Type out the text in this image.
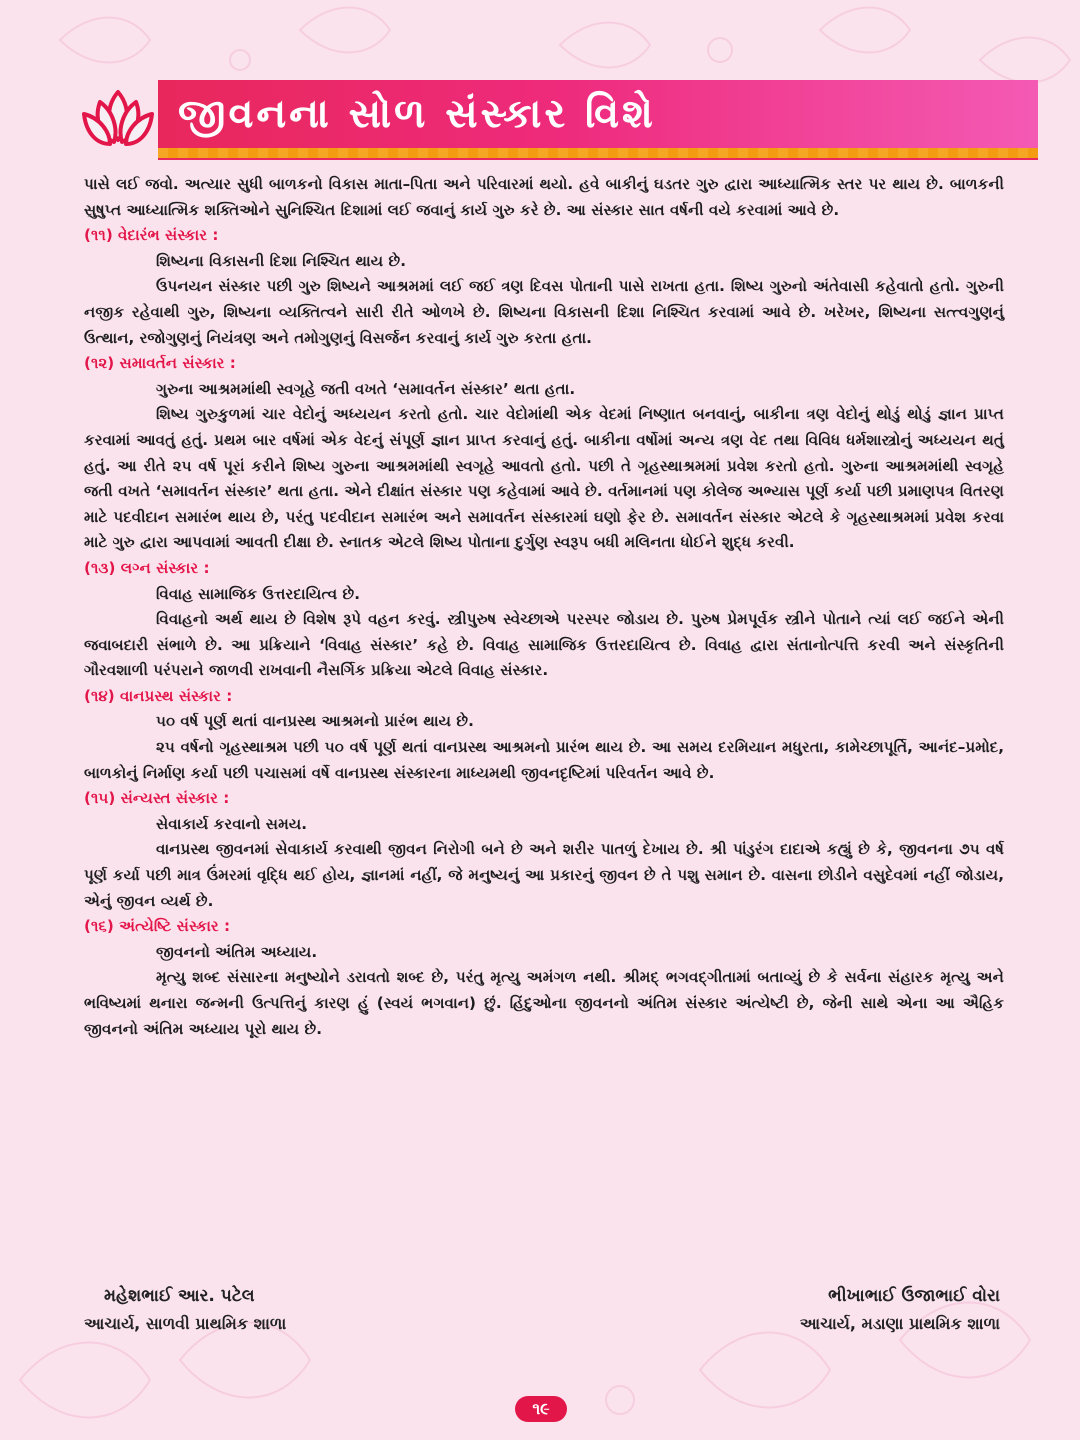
જીવનના સોળ સંસ્કાર વિશે

પાસે લઈ જવો. અત્યાર સુધી બાળકનો વિકાસ માતા–પિતા અને પરિવારમાં થયો. હવે બાકીનું ઘડતર ગુરુ દ્વારા આધ્યાત્મિક સ્તર પર થાય છે. બાળકની સુષુપ્ત આધ્યાત્મિક શક્તિઓને સુનિશ્ચિત દિશામાં લઈ જવાનું કાર્ય ગુરુ કરે છે. આ સંસ્કાર સાત વર્ષની વયે કરવામાં આવે છે.

(૧૧) વેદારંભ સંસ્કાર :

શિષ્યના વિકાસની દિશા નિશ્ચિત થાય છે.

ઉપનયન સંસ્કાર પછી ગુરુ શિષ્યને આશ્રમમાં લઈ જઈ ત્રણ દિવસ પોતાની પાસે રાખતા હતા. શિષ્ય ગુરુનો અંતેવાસી કહેવાતો હતો. ગુરુની નજીક રહેવાથી ગુરુ, શિષ્યના વ્યક્તિત્વને સારી રીતે ઓળખે છે. શિષ્યના વિકાસની દિશા નિશ્ચિત કરવામાં આવે છે. ખરેખર, શિષ્યના સત્ત્વગુણનું ઉત્થાન, રજોગુણનું નિયંત્રણ અને તમોગુણનું વિસર્જન કરવાનું કાર્ય ગુરુ કરતા હતા.

(૧૨) સમાવર્તન સંસ્કાર :

ગુરુના આશ્રમમાંથી સ્વગૃહે જતી વખતે ‘સમાવર્તન સંસ્કાર’ થતા હતા.

શિષ્ય ગુરુકુળમાં ચાર વેદોનું અધ્યયન કરતો હતો. ચાર વેદોમાંથી એક વેદમાં નિષ્ણાત બનવાનું, બાકીના ત્રણ વેદોનું થોડું થોડું જ્ઞાન પ્રાપ્ત કરવામાં આવતું હતું. પ્રથમ બાર વર્ષમાં એક વેદનું સંપૂર્ણ જ્ઞાન પ્રાપ્ત કરવાનું હતું. બાકીના વર્ષોમાં અન્ય ત્રણ વેદ તથા વિવિધ ધર્મશાસ્ત્રોનું અધ્યયન થતું હતું. આ રીતે ૨૫ વર્ષ પૂરાં કરીને શિષ્ય ગુરુના આશ્રમમાંથી સ્વગૃહે આવતો હતો. પછી તે ગૃહસ્થાશ્રમમાં પ્રવેશ કરતો હતો. ગુરુના આશ્રમમાંથી સ્વગૃહે જતી વખતે ‘સમાવર્તન સંસ્કાર’ થતા હતા. એને દીક્ષાંત સંસ્કાર પણ કહેવામાં આવે છે. વર્તમાનમાં પણ કોલેજ અભ્યાસ પૂર્ણ કર્યા પછી પ્રમાણપત્ર વિતરણ માટે પદવીદાન સમારંભ થાય છે, પરંતુ પદવીદાન સમારંભ અને સમાવર્તન સંસ્કારમાં ઘણો ફેર છે. સમાવર્તન સંસ્કાર એટલે કે ગૃહસ્થાશ્રમમાં પ્રવેશ કરવા માટે ગુરુ દ્વારા આપવામાં આવતી દીક્ષા છે. સ્નાતક એટલે શિષ્ય પોતાના દુર્ગુણ સ્વરૂપ બધી મલિનતા ધોઈને શુદ્ધ કરવી.

(૧૩) લગ્ન સંસ્કાર :

વિવાહ સામાજિક ઉત્તરદાયિત્વ છે.

વિવાહનો અર્થ થાય છે વિશેષ રૂપે વહન કરવું. સ્ત્રીપુરુષ સ્વેચ્છાએ પરસ્પર જોડાય છે. પુરુષ પ્રેમપૂર્વક સ્ત્રીને પોતાને ત્યાં લઈ જઈને એની જવાબદારી સંભાળે છે. આ પ્રક્રિયાને ‘વિવાહ સંસ્કાર’ કહે છે. વિવાહ સામાજિક ઉત્તરદાયિત્વ છે. વિવાહ દ્વારા સંતાનોત્પત્તિ કરવી અને સંસ્કૃતિની ગૌરવશાળી પરંપરાને જાળવી રાખવાની નૈસર્ગિક પ્રક્રિયા એટલે વિવાહ સંસ્કાર.

(૧૪) વાનપ્રસ્થ સંસ્કાર :

૫૦ વર્ષ પૂર્ણ થતાં વાનપ્રસ્થ આશ્રમનો પ્રારંભ થાય છે.

૨૫ વર્ષનો ગૃહસ્થાશ્રમ પછી ૫૦ વર્ષ પૂર્ણ થતાં વાનપ્રસ્થ આશ્રમનો પ્રારંભ થાય છે. આ સમય દરમિયાન મધુરતા, કામેચ્છાપૂર્તિ, આનંદ–પ્રમોદ, બાળકોનું નિર્માણ કર્યા પછી પચાસમાં વર્ષે વાનપ્રસ્થ સંસ્કારના માધ્યમથી જીવનદૃષ્ટિમાં પરિવર્તન આવે છે.

(૧૫) સંન્યસ્ત સંસ્કાર :

સેવાકાર્ય કરવાનો સમય.

વાનપ્રસ્થ જીવનમાં સેવાકાર્ય કરવાથી જીવન નિરોગી બને છે અને શરીર પાતળું દેખાય છે. શ્રી પાંડુરંગ દાદાએ કહ્યું છે કે, જીવનના ૭૫ વર્ષ પૂર્ણ કર્યા પછી માત્ર ઉંમરમાં વૃદ્ધિ થઈ હોય, જ્ઞાનમાં નહીં, જે મનુષ્યનું આ પ્રકારનું જીવન છે તે પશુ સમાન છે. વાસના છોડીને વસુદેવમાં નહીં જોડાય, એનું જીવન વ્યર્થ છે.

(૧૬) અંત્યેષ્ટિ સંસ્કાર :

જીવનનો અંતિમ અધ્યાય.

મૃત્યુ શબ્દ સંસારના મનુષ્યોને ડરાવતો શબ્દ છે, પરંતુ મૃત્યુ અમંગળ નથી. શ્રીમદ્ ભગવદ્ગીતામાં બતાવ્યું છે કે સર્વના સંહારક મૃત્યુ અને ભવિષ્યમાં થનારા જન્મની ઉત્પત્તિનું કારણ હું (સ્વયં ભગવાન) છું. હિંદુઓના જીવનનો અંતિમ સંસ્કાર અંત્યેષ્ટી છે, જેની સાથે એના આ ઐહિક જીવનનો અંતિમ અધ્યાય પૂરો થાય છે.

મહેશભાઈ આર. પટેલ
આચાર્ય, સાળવી પ્રાથમિક શાળા
ભીખાભાઈ ઉજાભાઈ વોરા
આચાર્ય, મડાણા પ્રાથમિક શાળા
૧૯
